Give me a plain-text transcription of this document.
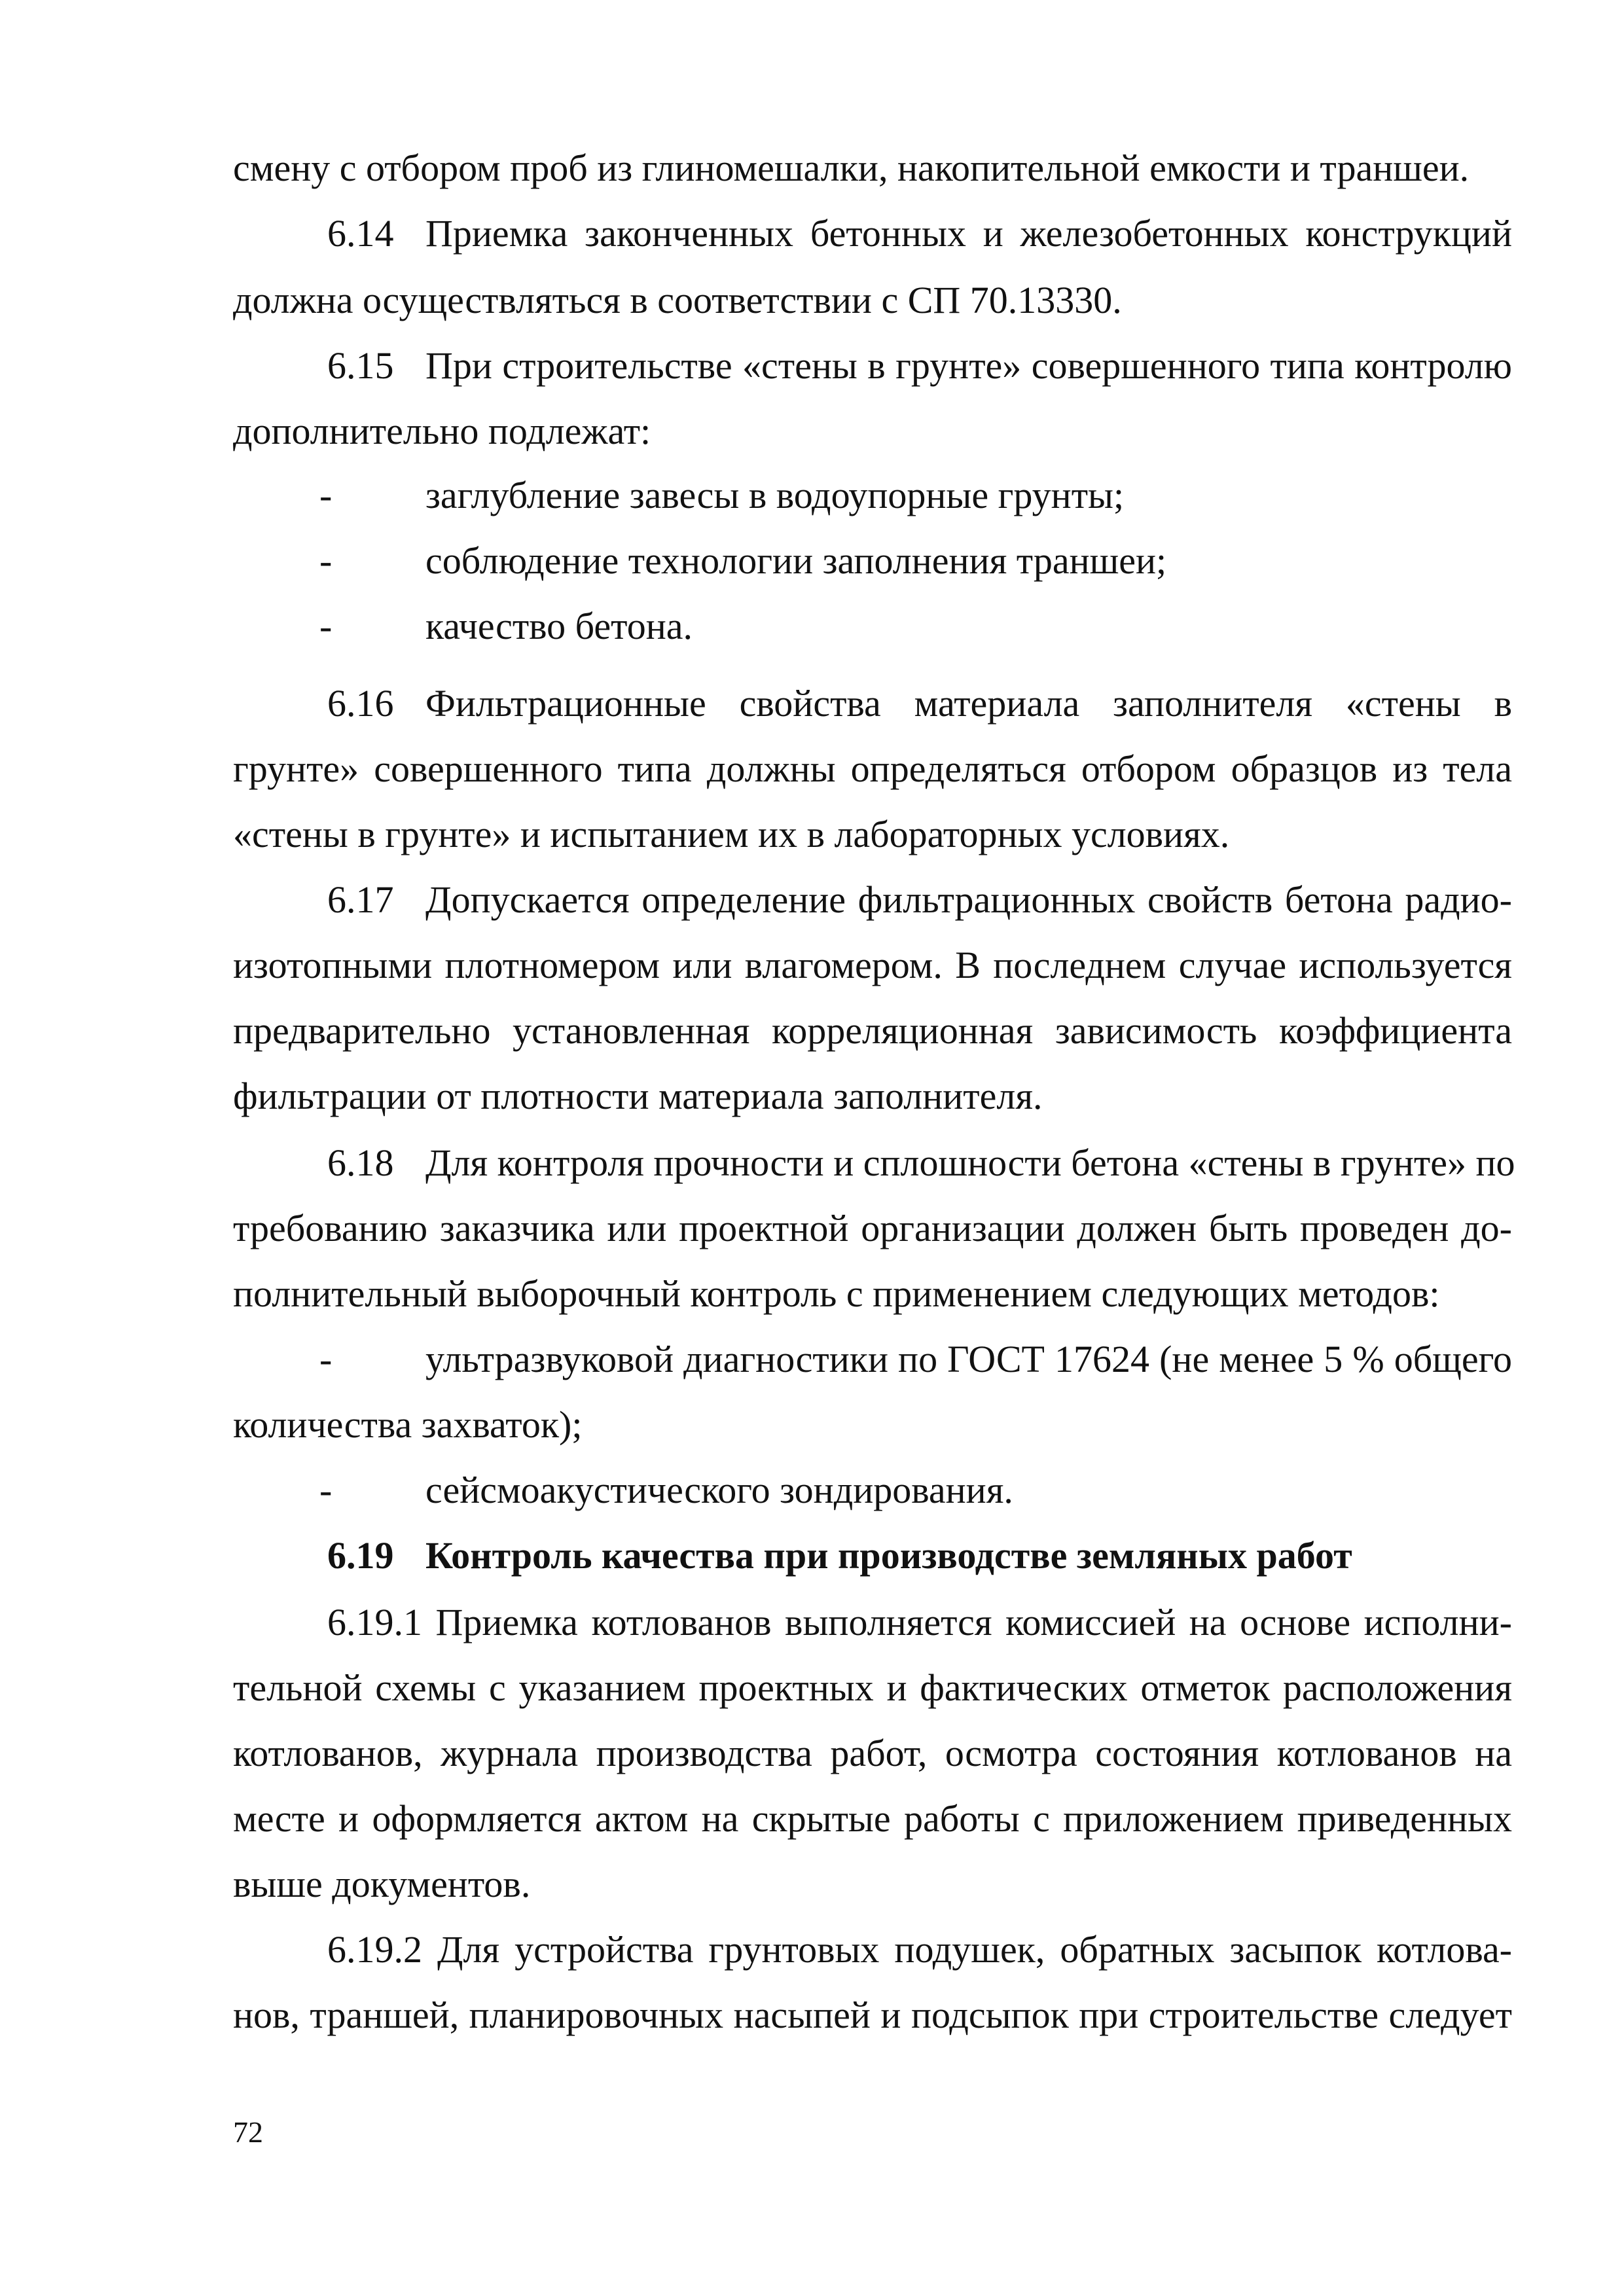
смену с отбором проб из глиномешалки, накопительной емкости и траншеи.
6.14 Приемка законченных бетонных и железобетонных конструкций
должна осуществляться в соответствии с СП 70.13330.
6.15 При строительстве «стены в грунте» совершенного типа контролю
дополнительно подлежат:
- заглубление завесы в водоупорные грунты;
- соблюдение технологии заполнения траншеи;
- качество бетона.
6.16 Фильтрационные свойства материала заполнителя «стены в
грунте» совершенного типа должны определяться отбором образцов из тела
«стены в грунте» и испытанием их в лабораторных условиях.
6.17 Допускается определение фильтрационных свойств бетона радио-
изотопными плотномером или влагомером. В последнем случае используется
предварительно установленная корреляционная зависимость коэффициента
фильтрации от плотности материала заполнителя.
6.18 Для контроля прочности и сплошности бетона «стены в грунте» по
требованию заказчика или проектной организации должен быть проведен до-
полнительный выборочный контроль с применением следующих методов:
- ультразвуковой диагностики по ГОСТ 17624 (не менее 5 % общего
количества захваток);
- сейсмоакустического зондирования.
6.19 Контроль качества при производстве земляных работ
6.19.1 Приемка котлованов выполняется комиссией на основе исполни-
тельной схемы с указанием проектных и фактических отметок расположения
котлованов, журнала производства работ, осмотра состояния котлованов на
месте и оформляется актом на скрытые работы с приложением приведенных
выше документов.
6.19.2 Для устройства грунтовых подушек, обратных засыпок котлова-
нов, траншей, планировочных насыпей и подсыпок при строительстве следует
72
